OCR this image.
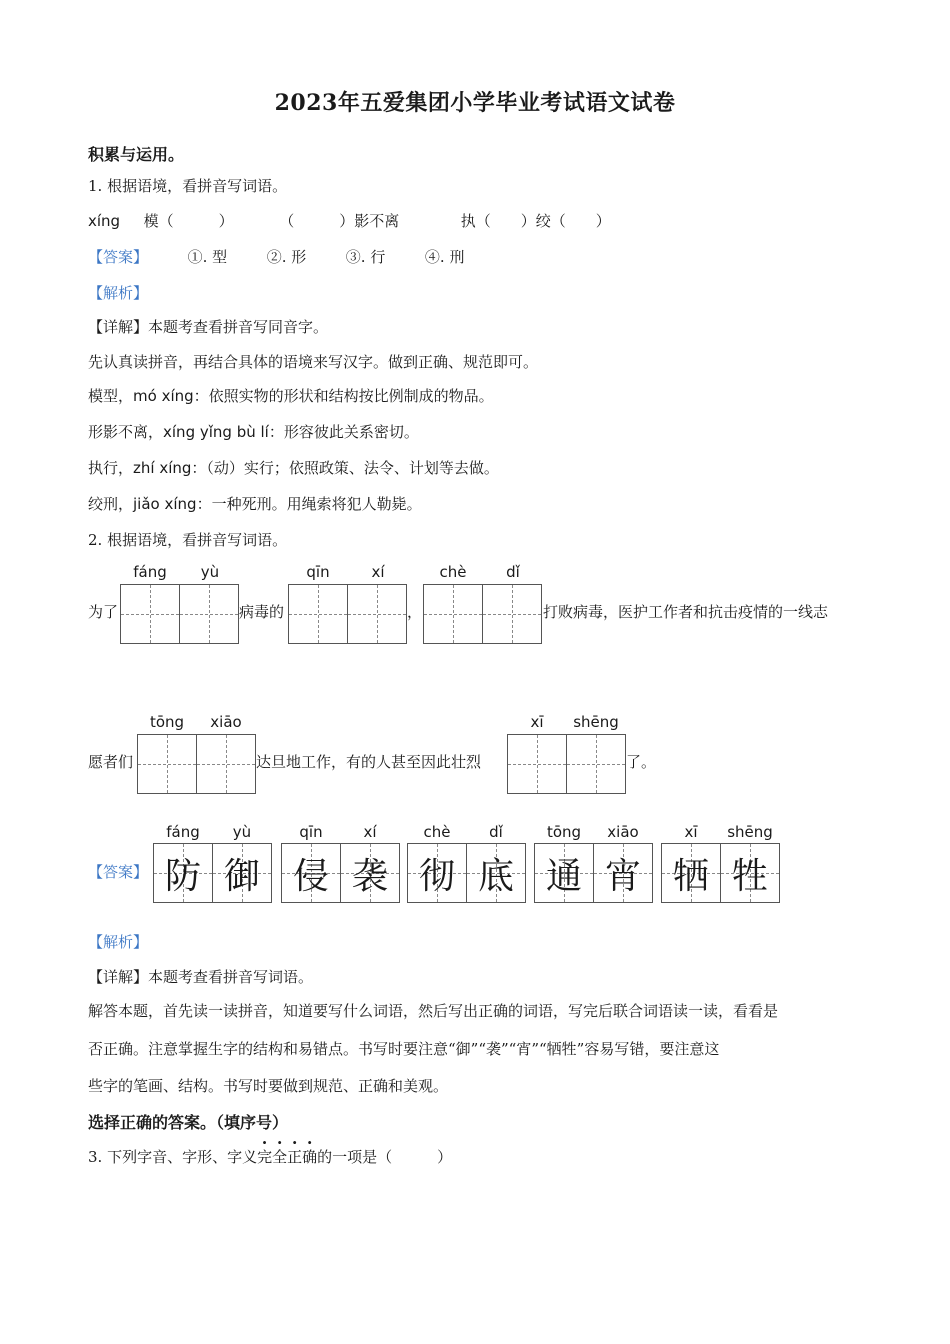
2023年五爱集团小学毕业考试语文试卷
积累与运用。
1. 根据语境，看拼音写词语。
xíng 模（　　　）	（　　　）影不离	执（　　）绞（　　）
【答案】	①. 型	②. 形	③. 行	④. 刑
【解析】
【详解】本题考查看拼音写同音字。
先认真读拼音，再结合具体的语境来写汉字。做到正确、规范即可。
模型，mó xíng：依照实物的形状和结构按比例制成的物品。
形影不离，xíng yǐng bù lí：形容彼此关系密切。
执行，zhí xíng：（动）实行；依照政策、法令、计划等去做。
绞刑，jiǎo xíng：一种死刑。用绳索将犯人勒毙。
2. 根据语境，看拼音写词语。
fáng	yù	qīn	xí	chè	dǐ
为了	病毒的	，	打败病毒，医护工作者和抗击疫情的一线志
tōng	xiāo	xī	shēng
愿者们	达旦地工作，有的人甚至因此壮烈	了。
【答案】
fáng	yù	qīn	xí	chè	dǐ	tōng	xiāo	xī	shēng
防 御 侵 袭 彻 底 通 宵 牺 牲
【解析】
【详解】本题考查看拼音写词语。
解答本题，首先读一读拼音，知道要写什么词语，然后写出正确的词语，写完后联合词语读一读，看看是
否正确。注意掌握生字的结构和易错点。书写时要注意“御”“袭”“宵”“牺牲”容易写错，要注意这
些字的笔画、结构。书写时要做到规范、正确和美观。
选择正确的答案。（填序号）
3. 下列字音、字形、字义完全正确的一项是（　　　）
